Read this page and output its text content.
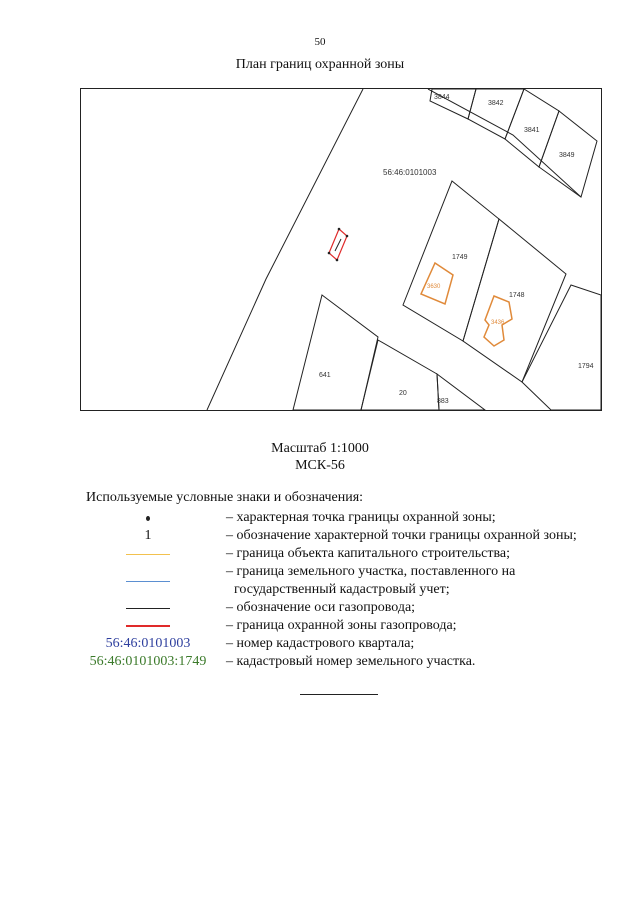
50
План границ охранной зоны
56:46:0101003
3844
3842
3841
3849
1749
1748
1794
641
20
883
3630
3436
Масштаб 1:1000
МСК-56
Используемые условные знаки и обозначения:
– характерная точка границы охранной зоны;
1	– обозначение характерной точки границы охранной зоны;
– граница объекта капитального строительства;
– граница земельного участка, поставленного на
государственный кадастровый учет;
– обозначение оси газопровода;
– граница охранной зоны газопровода;
56:46:0101003	– номер кадастрового квартала;
56:46:0101003:1749 – кадастровый номер земельного участка.
